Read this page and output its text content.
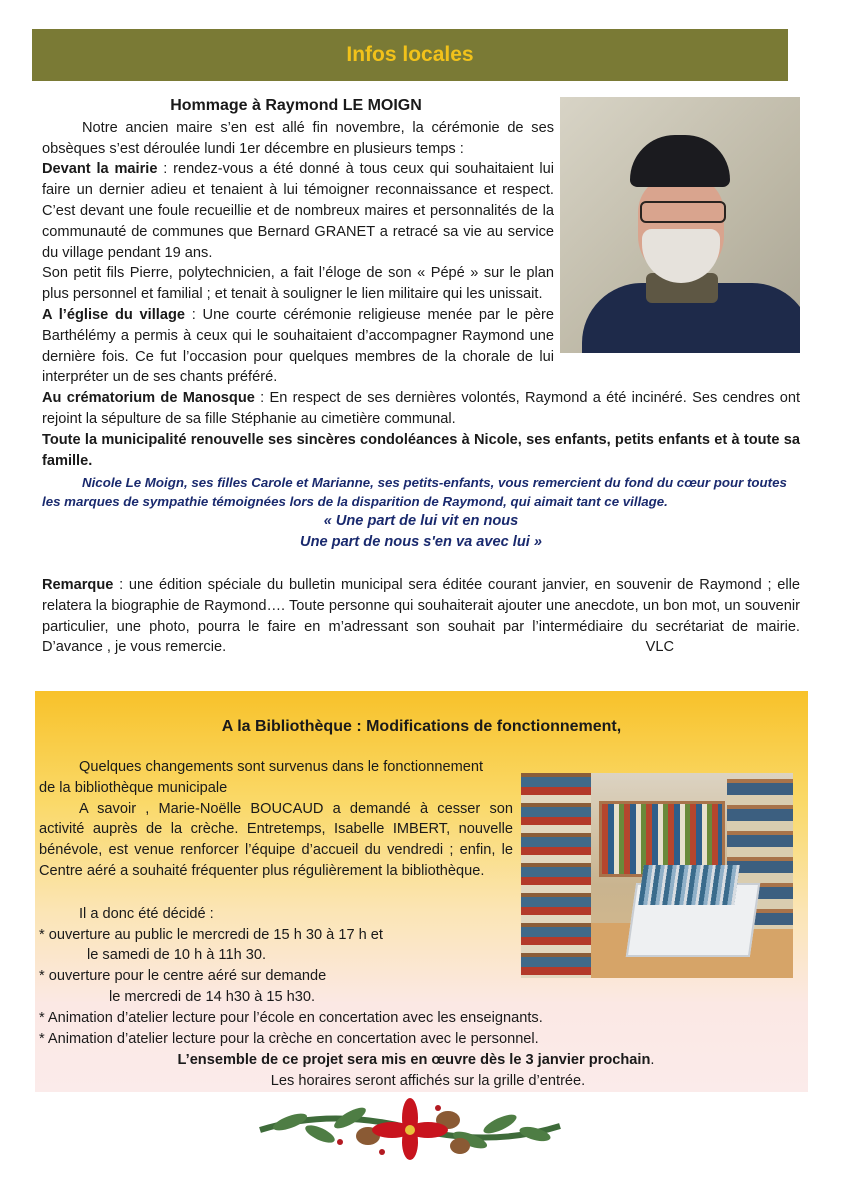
Infos locales
Hommage à Raymond LE MOIGN

Notre ancien maire s’en est allé fin novembre, la cérémonie de ses obsèques s’est déroulée lundi 1er décembre en plusieurs temps :

Devant la mairie : rendez-vous a été donné à tous ceux qui souhaitaient lui faire un dernier adieu et tenaient à lui témoigner reconnaissance et respect. C’est devant une foule recueillie et de nombreux maires et personnalités de la communauté de communes que Bernard GRANET a retracé sa vie au service du village pendant 19 ans.

Son petit fils Pierre, polytechnicien, a fait l’éloge de son « Pépé » sur le plan plus personnel et familial ; et tenait à souligner le lien militaire qui les unissait.

A l’église du village : Une courte cérémonie religieuse menée par le père Barthélémy a permis à ceux qui le souhaitaient d’accompagner Raymond une dernière fois. Ce fut l’occasion pour quelques membres de la chorale de lui interpréter un de ses chants préféré.

Au crématorium de Manosque : En respect de ses dernières volontés, Raymond a été incinéré. Ses cendres ont rejoint la sépulture de sa fille Stéphanie au cimetière communal.

Toute la municipalité renouvelle ses sincères condoléances à Nicole, ses enfants, petits enfants et à toute sa famille.

Nicole Le Moign, ses filles Carole et Marianne, ses petits-enfants, vous remercient du fond du cœur pour toutes
les marques de sympathie témoignées lors de la disparition de Raymond, qui aimait tant ce village.
« Une part de lui vit en nous
Une part de nous s'en va avec lui »

Remarque : une édition spéciale du bulletin municipal sera éditée courant janvier, en souvenir de Raymond ; elle relatera la biographie de Raymond…. Toute personne qui souhaiterait ajouter une anecdote, un bon mot, un souvenir particulier, une photo, pourra le faire en m’adressant son souhait par l’intermédiaire du secrétariat de mairie. D’avance , je vous remercie.	VLC

A la Bibliothèque : Modifications de fonctionnement,
Quelques changements sont survenus dans le fonctionnement
de la bibliothèque municipale

A savoir , Marie-Noëlle BOUCAUD a demandé à cesser son activité auprès de la crèche. Entretemps, Isabelle IMBERT, nouvelle bénévole, est venue renforcer l’équipe d’accueil du vendredi ; enfin, le Centre aéré a souhaité fréquenter plus régulièrement la bibliothèque.

Il a donc été décidé :
* ouverture au public le mercredi de 15 h 30 à 17 h et
le samedi de 10 h à 11h 30.
* ouverture pour le centre aéré sur demande
le mercredi de 14 h30 à 15 h30.
* Animation d’atelier lecture pour l’école en concertation avec les enseignants.
* Animation d’atelier lecture pour la crèche en concertation avec le personnel.
L’ensemble de ce projet sera mis en œuvre dès le 3 janvier prochain.
Les horaires seront affichés sur la grille d’entrée.
